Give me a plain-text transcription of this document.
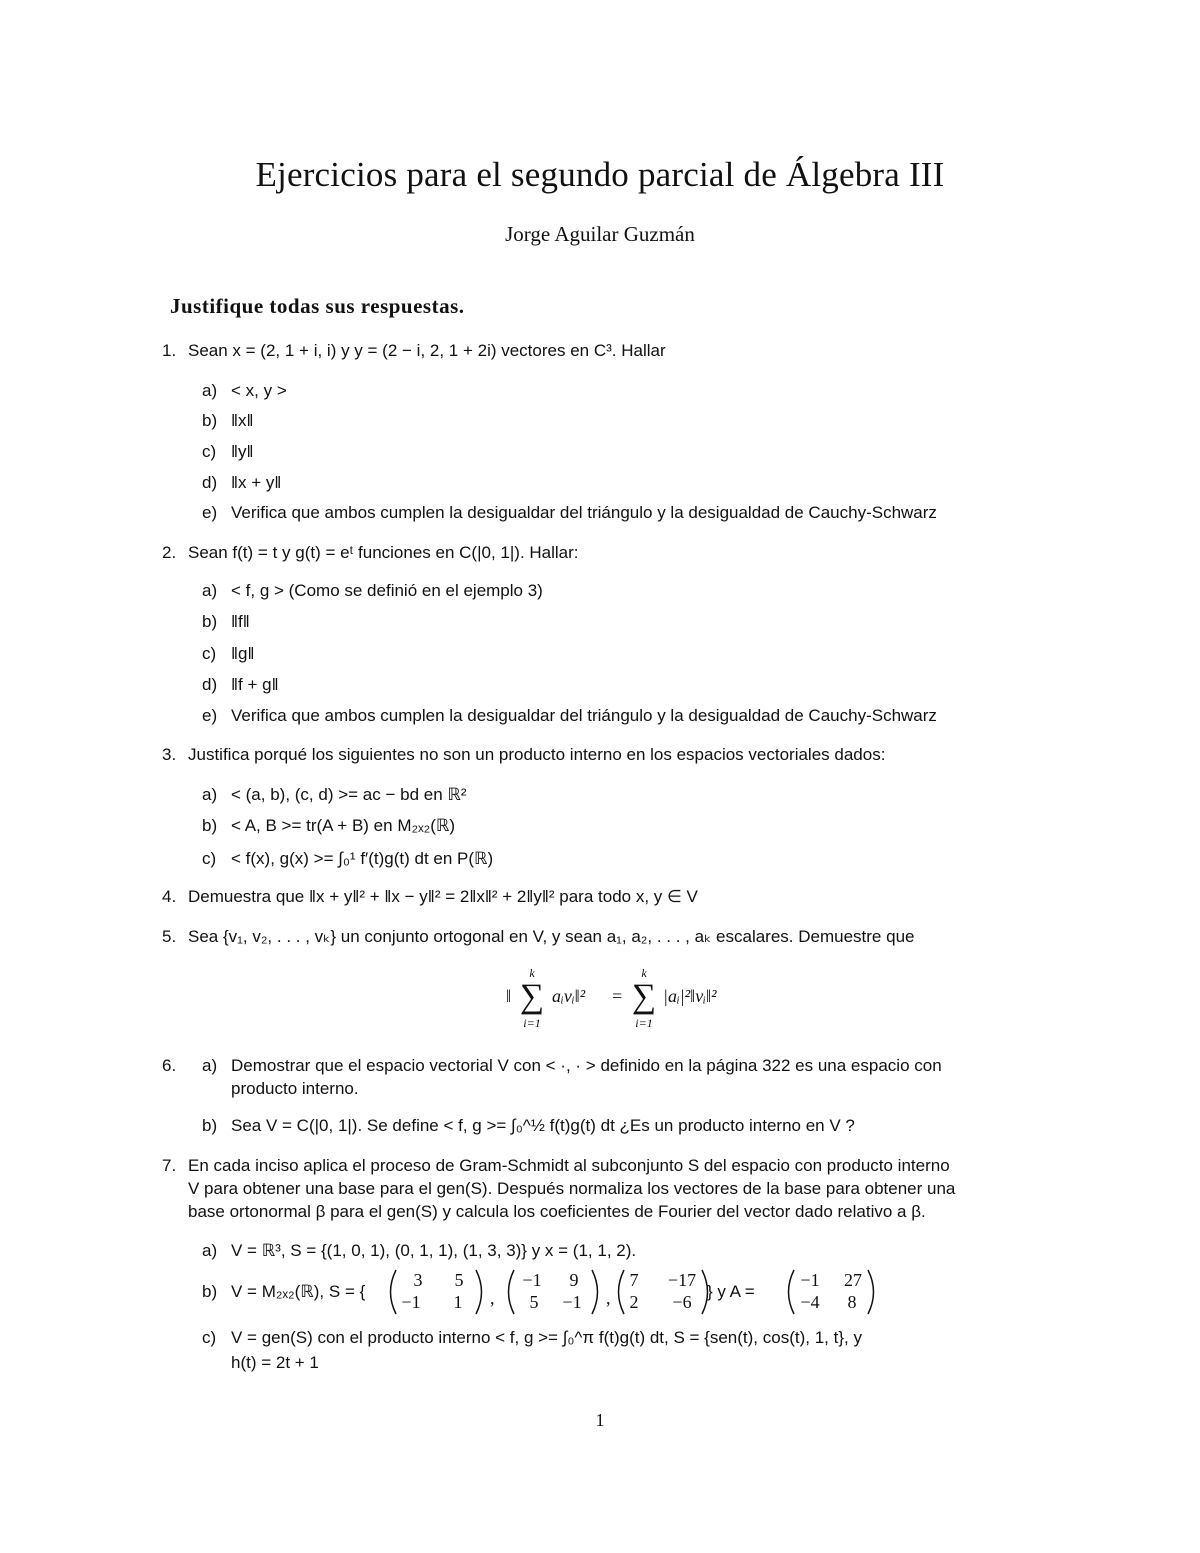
Ejercicios para el segundo parcial de Álgebra III
Jorge Aguilar Guzmán
Justifique todas sus respuestas.
1. Sean x = (2, 1 + i, i) y y = (2 − i, 2, 1 + 2i) vectores en C³. Hallar
a) < x, y >
b) ‖x‖
c) ‖y‖
d) ‖x + y‖
e) Verifica que ambos cumplen la desigualdar del triángulo y la desigualdad de Cauchy-Schwarz
2. Sean f(t) = t y g(t) = eᵗ funciones en C(|0, 1|). Hallar:
a) < f, g > (Como se definió en el ejemplo 3)
b) ‖f‖
c) ‖g‖
d) ‖f + g‖
e) Verifica que ambos cumplen la desigualdar del triángulo y la desigualdad de Cauchy-Schwarz
3. Justifica porqué los siguientes no son un producto interno en los espacios vectoriales dados:
a) < (a, b), (c, d) >= ac − bd en ℝ²
b) < A, B >= tr(A + B) en M₂ₓ₂(ℝ)
c) < f(x), g(x) >= ∫₀¹ f′(t)g(t) dt en P(ℝ)
4. Demuestra que ‖x + y‖² + ‖x − y‖² = 2‖x‖² + 2‖y‖² para todo x, y ∈ V
5. Sea {v₁, v₂, . . . , vₖ} un conjunto ortogonal en V, y sean a₁, a₂, . . . , aₖ escalares. Demuestre que
‖
k
∑
i=1
aᵢvᵢ‖² =
k
∑
i=1
|aᵢ|²‖vᵢ‖²
6. a) Demostrar que el espacio vectorial V con < ·, · > definido en la página 322 es una espacio con
producto interno.
b) Sea V = C(|0, 1|). Se define < f, g >= ∫₀^½ f(t)g(t) dt ¿Es un producto interno en V ?
7. En cada inciso aplica el proceso de Gram-Schmidt al subconjunto S del espacio con producto interno
V para obtener una base para el gen(S). Después normaliza los vectores de la base para obtener una
base ortonormal β para el gen(S) y calcula los coeficientes de Fourier del vector dado relativo a β.
a) V = ℝ³, S = {(1, 0, 1), (0, 1, 1), (1, 3, 3)} y x = (1, 1, 2).
b) V = M₂ₓ₂(ℝ), S = {
3 5
−1 1 ,
−1 9
5 −1 ,
7 −17
2 −6
} y A =
−1 27
−4 8
c) V = gen(S) con el producto interno < f, g >= ∫₀^π f(t)g(t) dt, S = {sen(t), cos(t), 1, t}, y
h(t) = 2t + 1
1
